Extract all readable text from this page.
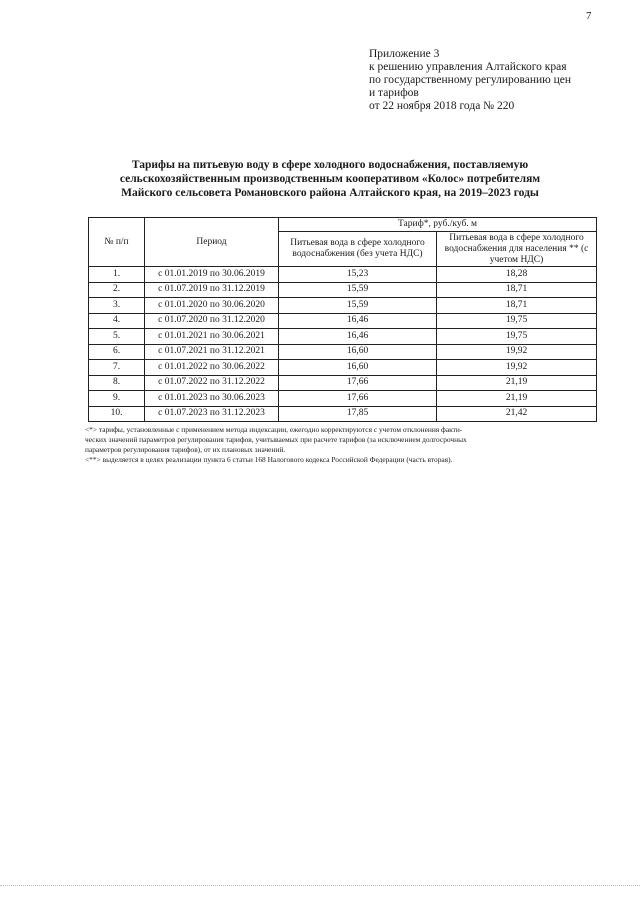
7
Приложение 3
к решению управления Алтайского края
по государственному регулированию цен
и тарифов
от 22 ноября 2018 года № 220
Тарифы на питьевую воду в сфере холодного водоснабжения, поставляемую
сельскохозяйственным производственным кооперативом «Колос» потребителям
Майского сельсовета Романовского района Алтайского края, на 2019–2023 годы
№ п/п	Период	Тариф*, руб./куб. м	
		Питьевая вода в сфере холодного водоснабжения (без учета НДС)	Питьевая вода в сфере холодного водоснабжения для населения ** (с учетом НДС)
1.	с 01.01.2019 по 30.06.2019	15,23	18,28
2.	с 01.07.2019 по 31.12.2019	15,59	18,71
3.	с 01.01.2020 по 30.06.2020	15,59	18,71
4.	с 01.07.2020 по 31.12.2020	16,46	19,75
5.	с 01.01.2021 по 30.06.2021	16,46	19,75
6.	с 01.07.2021 по 31.12.2021	16,60	19,92
7.	с 01.01.2022 по 30.06.2022	16,60	19,92
8.	с 01.07.2022 по 31.12.2022	17,66	21,19
9.	с 01.01.2023 по 30.06.2023	17,66	21,19
10.	с 01.07.2023 по 31.12.2023	17,85	21,42
<*> тарифы, установленные с применением метода индексации, ежегодно корректируются с учетом отклонения факти-
ческих значений параметров регулирования тарифов, учитываемых при расчете тарифов (за исключением долгосрочных
параметров регулирования тарифов), от их плановых значений.
<**> выделяется в целях реализации пункта 6 статьи 168 Налогового кодекса Российской Федерации (часть вторая).
